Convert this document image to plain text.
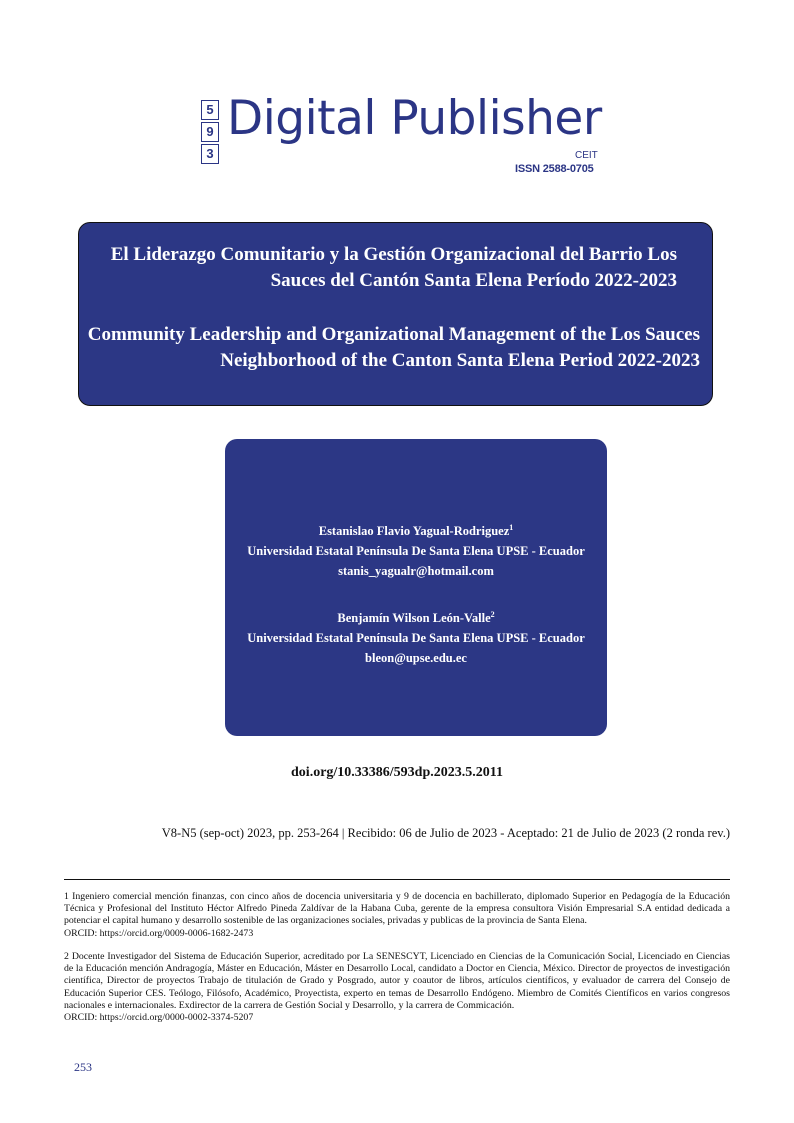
5
9
3
Digital Publisher
CEIT
ISSN 2588-0705
El Liderazgo Comunitario y la Gestión Organizacional del Barrio Los Sauces del Cantón Santa Elena Período 2022-2023
Community Leadership and Organizational Management of the Los Sauces Neighborhood of the Canton Santa Elena Period 2022-2023

Estanislao Flavio Yagual-Rodriguez$^1$

Universidad Estatal Península De Santa Elena UPSE - Ecuador

stanis_yagualr@hotmail.com

Benjamín Wilson León-Valle$^2$

Universidad Estatal Península De Santa Elena UPSE - Ecuador

bleon@upse.edu.ec

doi.org/10.33386/593dp.2023.5.2011
V8-N5 (sep-oct) 2023, pp. 253-264 | Recibido: 06 de Julio de 2023 - Aceptado: 21 de Julio de 2023 (2 ronda rev.)

1 Ingeniero comercial mención finanzas, con cinco años de docencia universitaria y 9 de docencia en bachillerato, diplomado Superior en Pedagogía de la Educación Técnica y Profesional del Instituto Héctor Alfredo Pineda Zaldívar de la Habana Cuba, gerente de la empresa consultora Visión Empresarial S.A entidad dedicada a potenciar el capital humano y desarrollo sostenible de las organizaciones sociales, privadas y publicas de la provincia de Santa Elena.

ORCID: https://orcid.org/0009-0006-1682-2473

2 Docente Investigador del Sistema de Educación Superior, acreditado por La SENESCYT, Licenciado en Ciencias de la Comunicación Social, Licenciado en Ciencias de la Educación mención Andragogía, Máster en Educación, Máster en Desarrollo Local, candidato a Doctor en Ciencia, México. Director de proyectos de investigación científica, Director de proyectos Trabajo de titulación de Grado y Posgrado, autor y coautor de libros, artículos científicos, y evaluador de carrera del Consejo de Educación Superior CES. Teólogo, Filósofo, Académico, Proyectista, experto en temas de Desarrollo Endógeno. Miembro de Comités Científicos en varios congresos nacionales e internacionales. Exdirector de la carrera de Gestión Social y Desarrollo, y la carrera de Commicación.

ORCID: https://orcid.org/0000-0002-3374-5207

253
